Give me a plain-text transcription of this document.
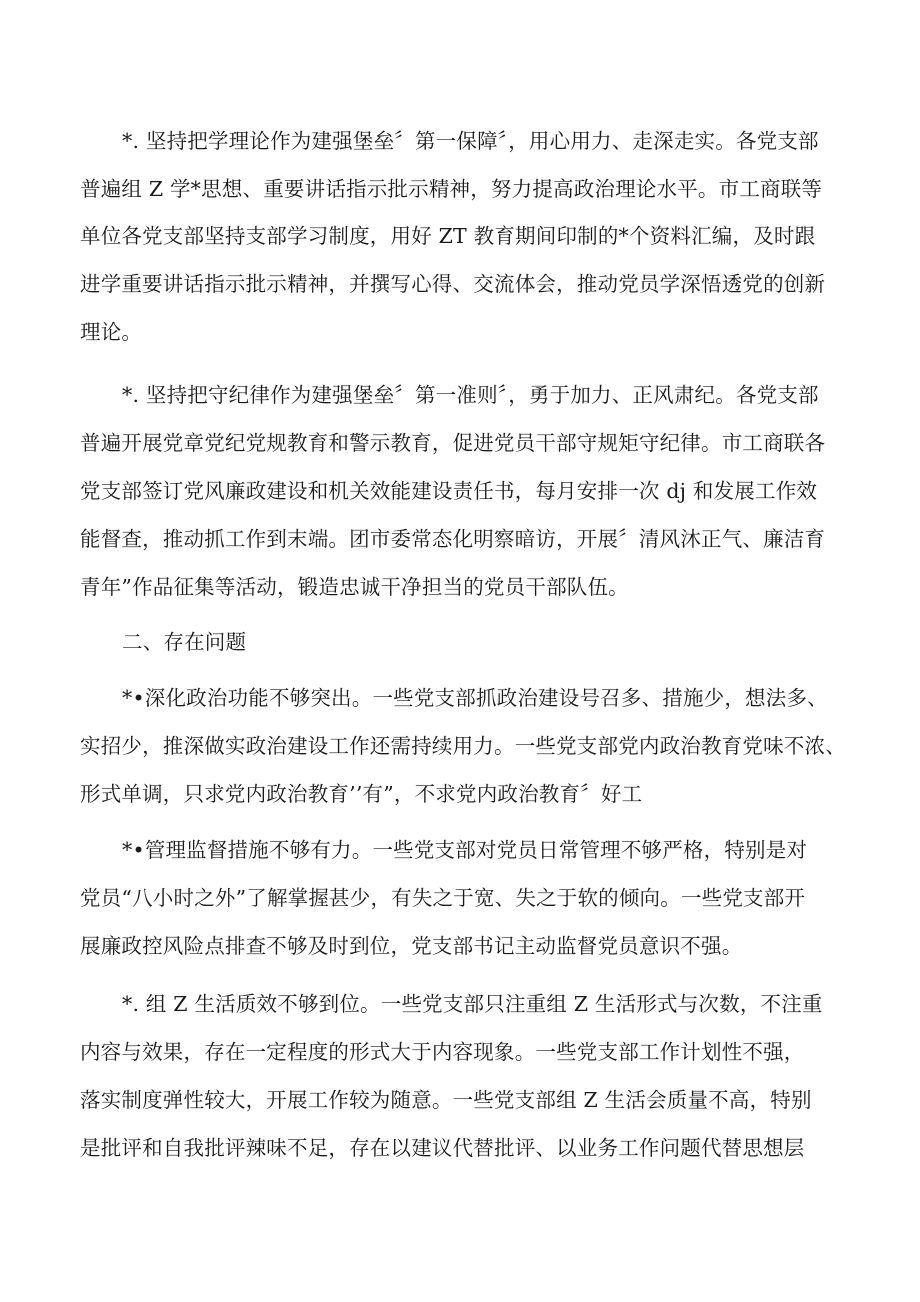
*. 坚持把学理论作为建强堡垒〞第一保障〞，用心用力、走深走实。各党支部
普遍组 Z 学*思想、重要讲话指示批示精神，努力提高政治理论水平。市工商联等
单位各党支部坚持支部学习制度，用好 ZT 教育期间印制的*个资料汇编，及时跟
进学重要讲话指示批示精神，并撰写心得、交流体会，推动党员学深悟透党的创新
理论。
*. 坚持把守纪律作为建强堡垒〞第一准则〞，勇于加力、正风肃纪。各党支部
普遍开展党章党纪党规教育和警示教育，促进党员干部守规矩守纪律。市工商联各
党支部签订党风廉政建设和机关效能建设责任书，每月安排一次 dj 和发展工作效
能督查，推动抓工作到末端。团市委常态化明察暗访，开展〞清风沐正气、廉洁育
青年”作品征集等活动，锻造忠诚干净担当的党员干部队伍。
二、存在问题
*•深化政治功能不够突出。一些党支部抓政治建设号召多、措施少，想法多、
实招少，推深做实政治建设工作还需持续用力。一些党支部党内政治教育党味不浓、
形式单调，只求党内政治教育’’有”，不求党内政治教育〞好工
*•管理监督措施不够有力。一些党支部对党员日常管理不够严格，特别是对
党员“八小时之外”了解掌握甚少，有失之于宽、失之于软的倾向。一些党支部开
展廉政控风险点排查不够及时到位，党支部书记主动监督党员意识不强。
*. 组 Z 生活质效不够到位。一些党支部只注重组 Z 生活形式与次数，不注重
内容与效果，存在一定程度的形式大于内容现象。一些党支部工作计划性不强，
落实制度弹性较大，开展工作较为随意。一些党支部组 Z 生活会质量不高，特别
是批评和自我批评辣味不足，存在以建议代替批评、以业务工作问题代替思想层
